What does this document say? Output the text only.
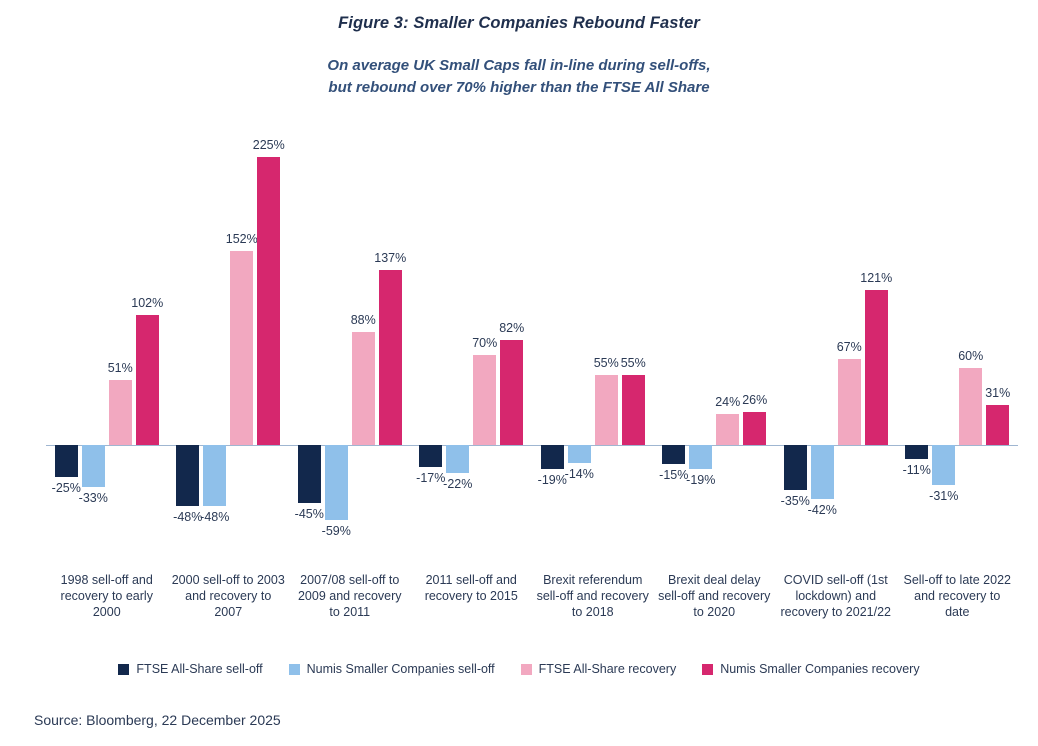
Figure 3: Smaller Companies Rebound Faster
On average UK Small Caps fall in-line during sell-offs,
but rebound over 70% higher than the FTSE All Share
-25%
-33%
51%
102%
-48%
-48%
152%
225%
-45%
-59%
88%
137%
-17%
-22%
70%
82%
-19%
-14%
55% 55%
-15%
-19%
24% 26%
-35%
-42%
67%
121%
-11%
-31%
60%
31%
1998 sell-off and recovery to early 2000
2000 sell-off to 2003 and recovery to 2007
2007/08 sell-off to 2009 and recovery to 2011
2011 sell-off and recovery to 2015
Brexit referendum sell-off and recovery to 2018
Brexit deal delay sell-off and recovery to 2020
COVID sell-off (1st lockdown) and recovery to 2021/22
Sell-off to late 2022 and recovery to date
FTSE All-Share sell-off	Numis Smaller Companies sell-off	FTSE All-Share recovery	Numis Smaller Companies recovery
Source: Bloomberg, 22 December 2025
